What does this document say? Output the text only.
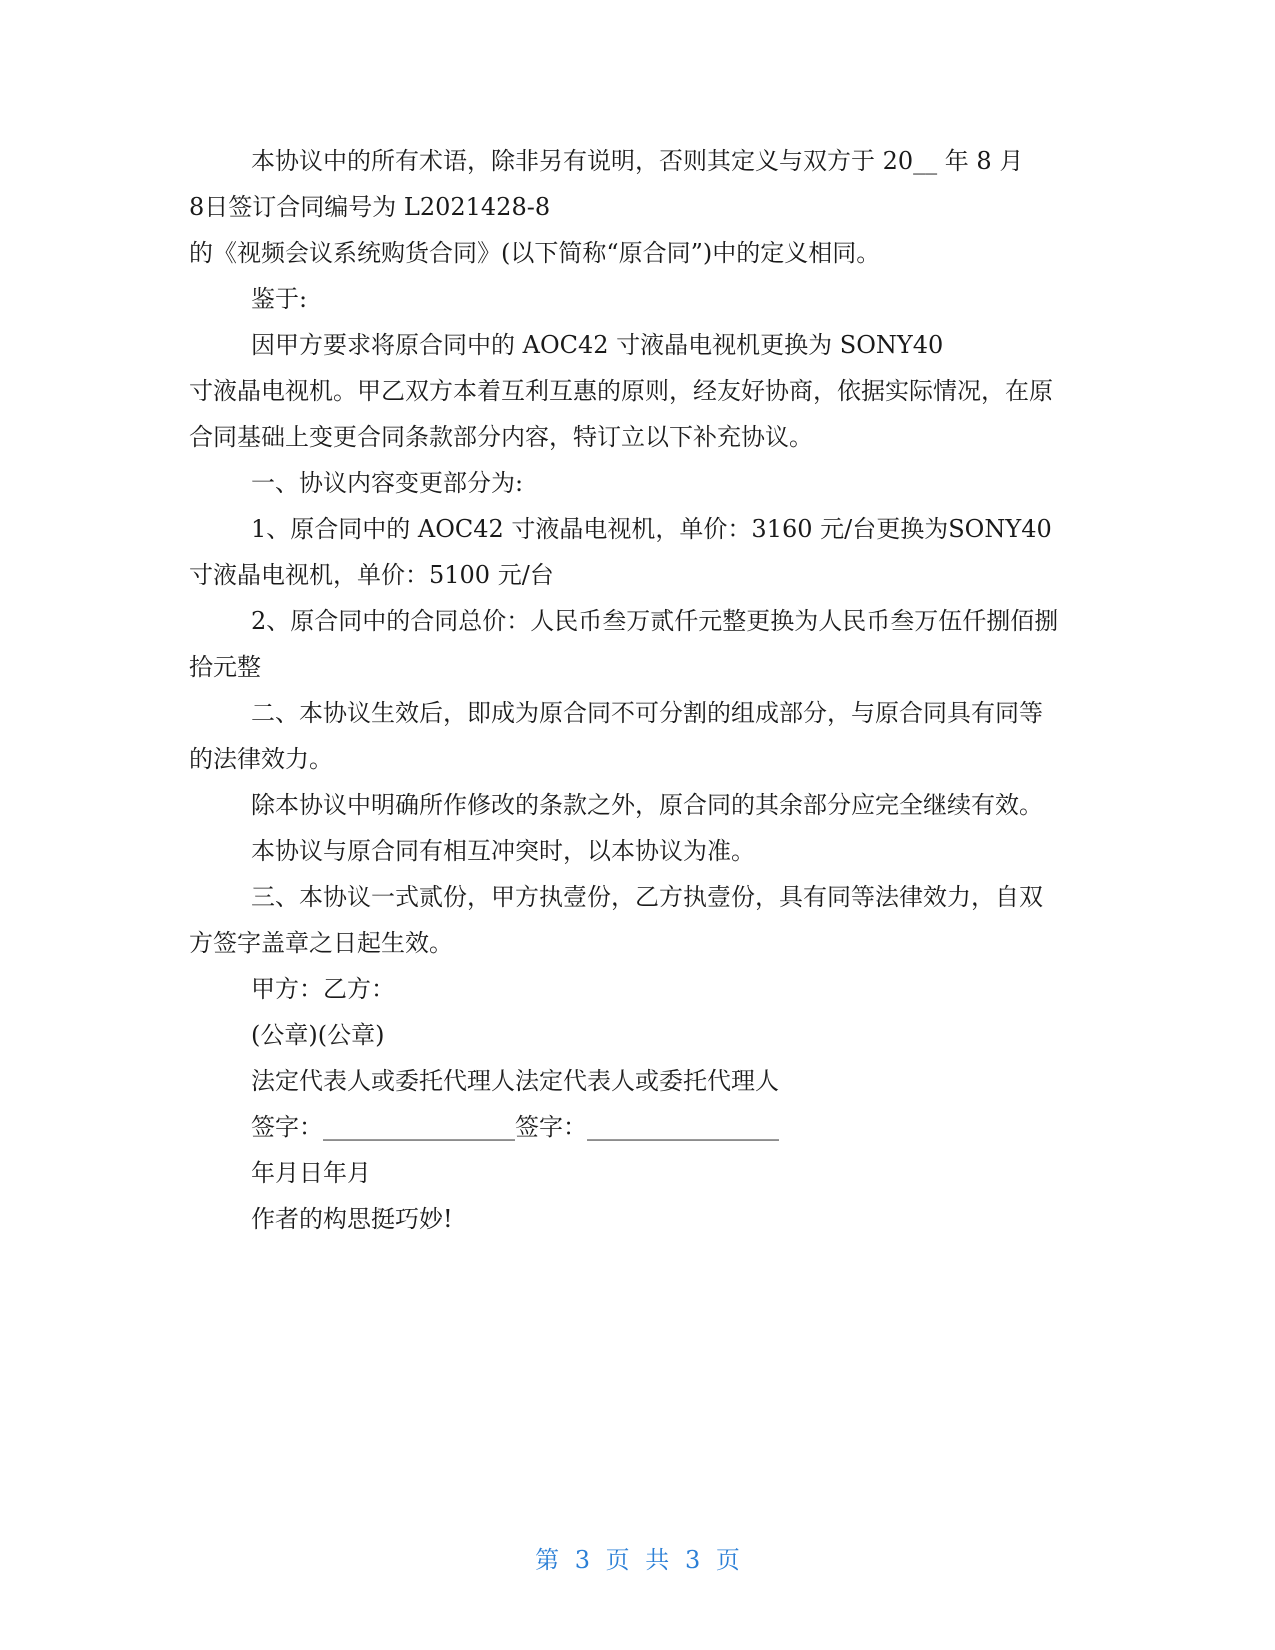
本协议中的所有术语，除非另有说明，否则其定义与双方于 20__ 年 8 月
8日签订合同编号为 L2021428-8
的《视频会议系统购货合同》(以下简称“原合同”)中的定义相同。
鉴于:
因甲方要求将原合同中的 AOC42 寸液晶电视机更换为 SONY40
寸液晶电视机。甲乙双方本着互利互惠的原则，经友好协商，依据实际情况，在原
合同基础上变更合同条款部分内容，特订立以下补充协议。
一、协议内容变更部分为:
1、原合同中的 AOC42 寸液晶电视机，单价：3160 元/台更换为SONY40
寸液晶电视机，单价：5100 元/台
2、原合同中的合同总价：人民币叁万贰仟元整更换为人民币叁万伍仟捌佰捌
拾元整
二、本协议生效后，即成为原合同不可分割的组成部分，与原合同具有同等
的法律效力。
除本协议中明确所作修改的条款之外，原合同的其余部分应完全继续有效。
本协议与原合同有相互冲突时，以本协议为准。
三、本协议一式贰份，甲方执壹份，乙方执壹份，具有同等法律效力，自双
方签字盖章之日起生效。
甲方：乙方：
(公章)(公章)
法定代表人或委托代理人法定代表人或委托代理人
签字：________________签字：________________
年月日年月
作者的构思挺巧妙!
第 3 页 共 3 页
